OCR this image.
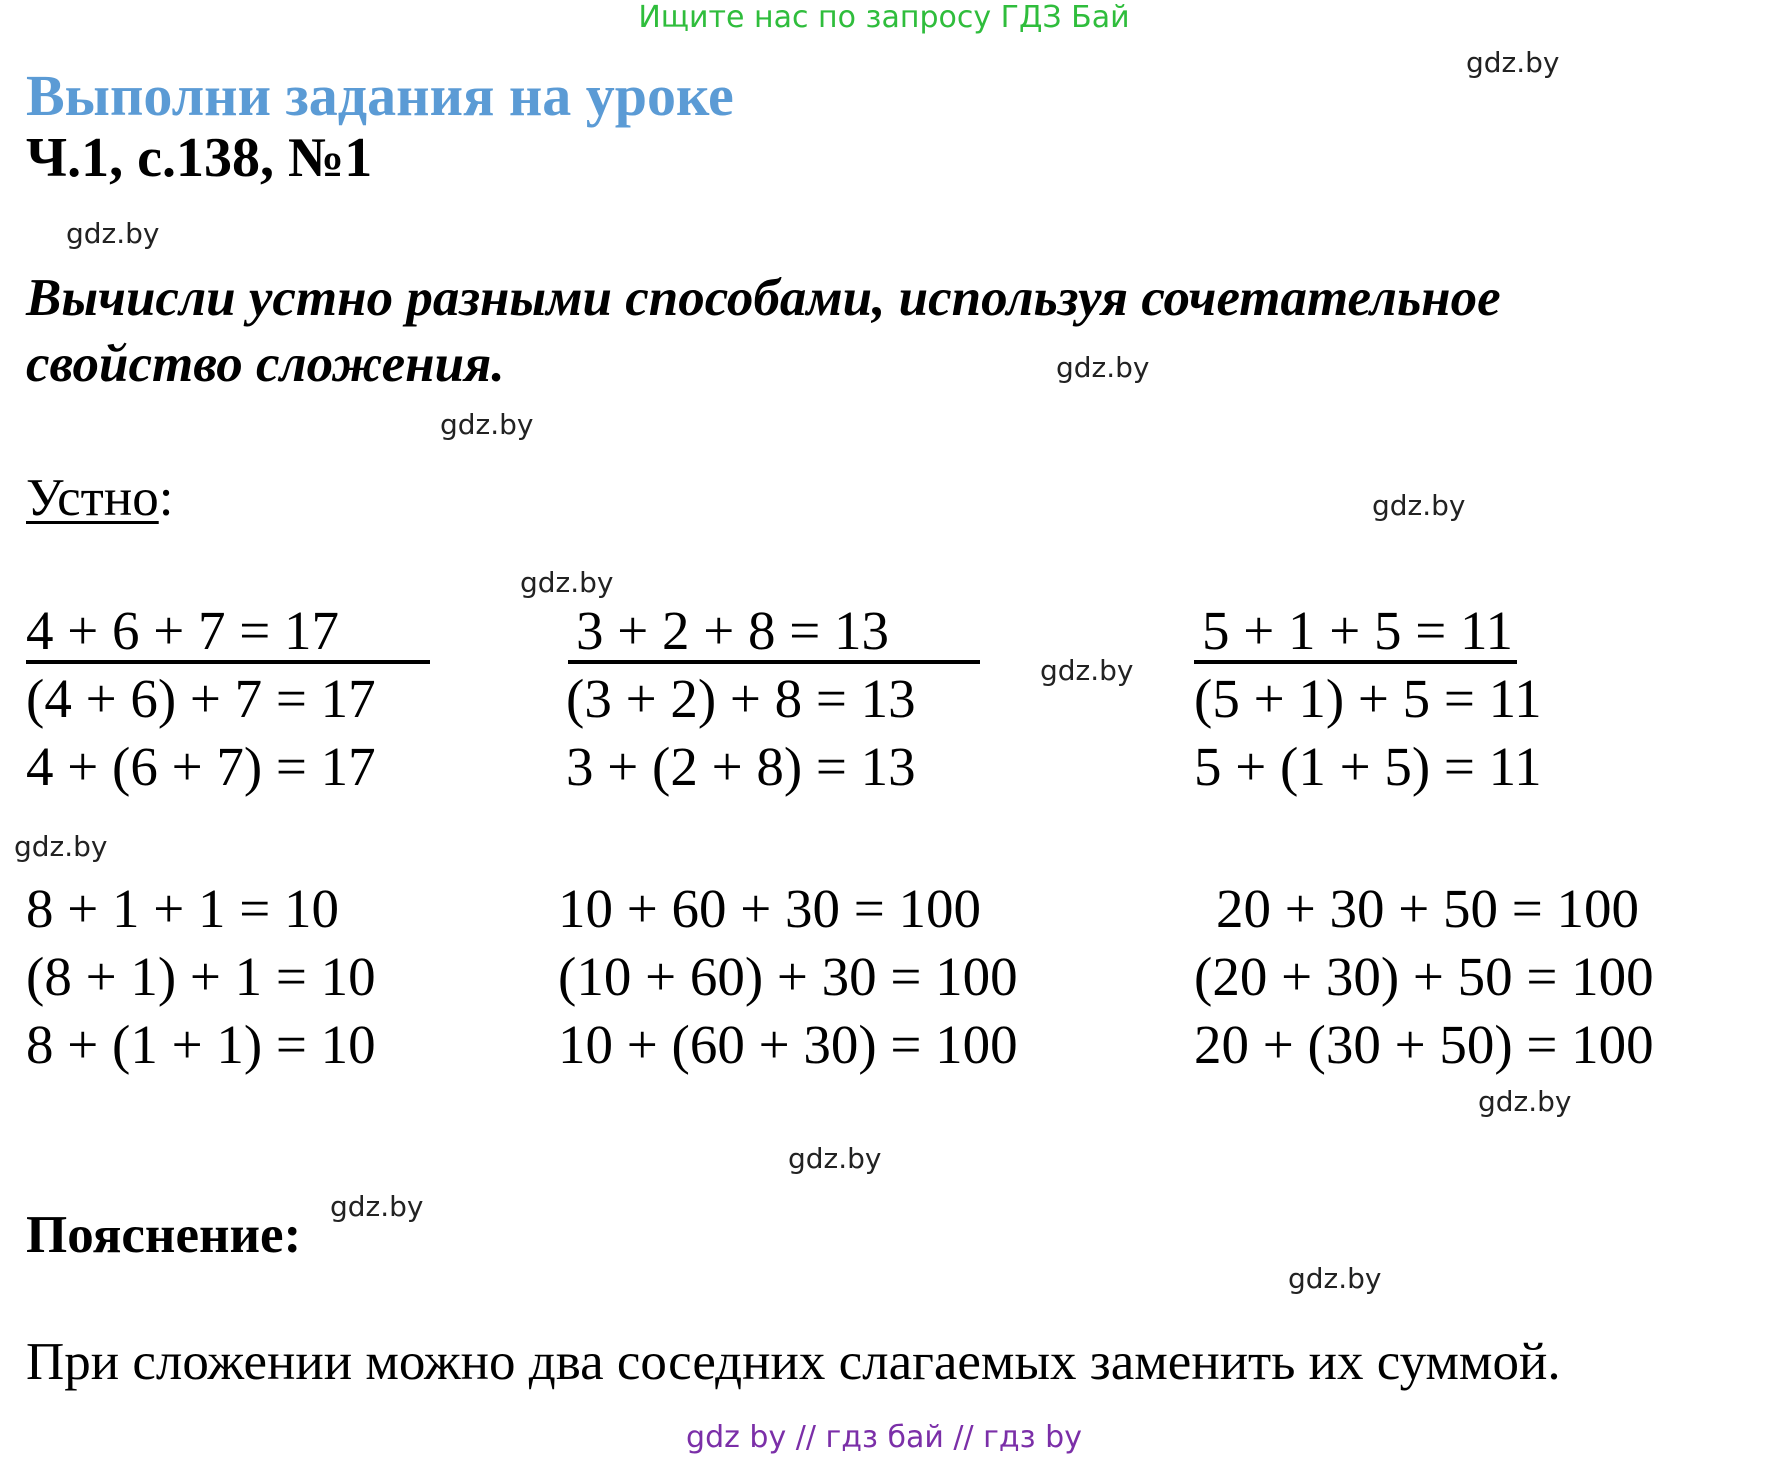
Ищите нас по запросу ГДЗ Бай
Выполни задания на уроке
Ч.1, с.138, №1
Вычисли устно разными способами, используя сочетательное
свойство сложения.
Устно:
4 + 6 + 7 = 17
(4 + 6) + 7 = 17
4 + (6 + 7) = 17
3 + 2 + 8 = 13
(3 + 2) + 8 = 13
3 + (2 + 8) = 13
5 + 1 + 5 = 11
(5 + 1) + 5 = 11
5 + (1 + 5) = 11
8 + 1 + 1 = 10
(8 + 1) + 1 = 10
8 + (1 + 1) = 10
10 + 60 + 30 = 100
(10 + 60) + 30 = 100
10 + (60 + 30) = 100
20 + 30 + 50 = 100
(20 + 30) + 50 = 100
20 + (30 + 50) = 100
Пояснение:
При сложении можно два соседних слагаемых заменить их суммой.
gdz.by
gdz.by
gdz.by
gdz.by
gdz.by
gdz.by
gdz.by
gdz.by
gdz.by
gdz.by
gdz.by
gdz.by
gdz by // гдз бай // гдз by
